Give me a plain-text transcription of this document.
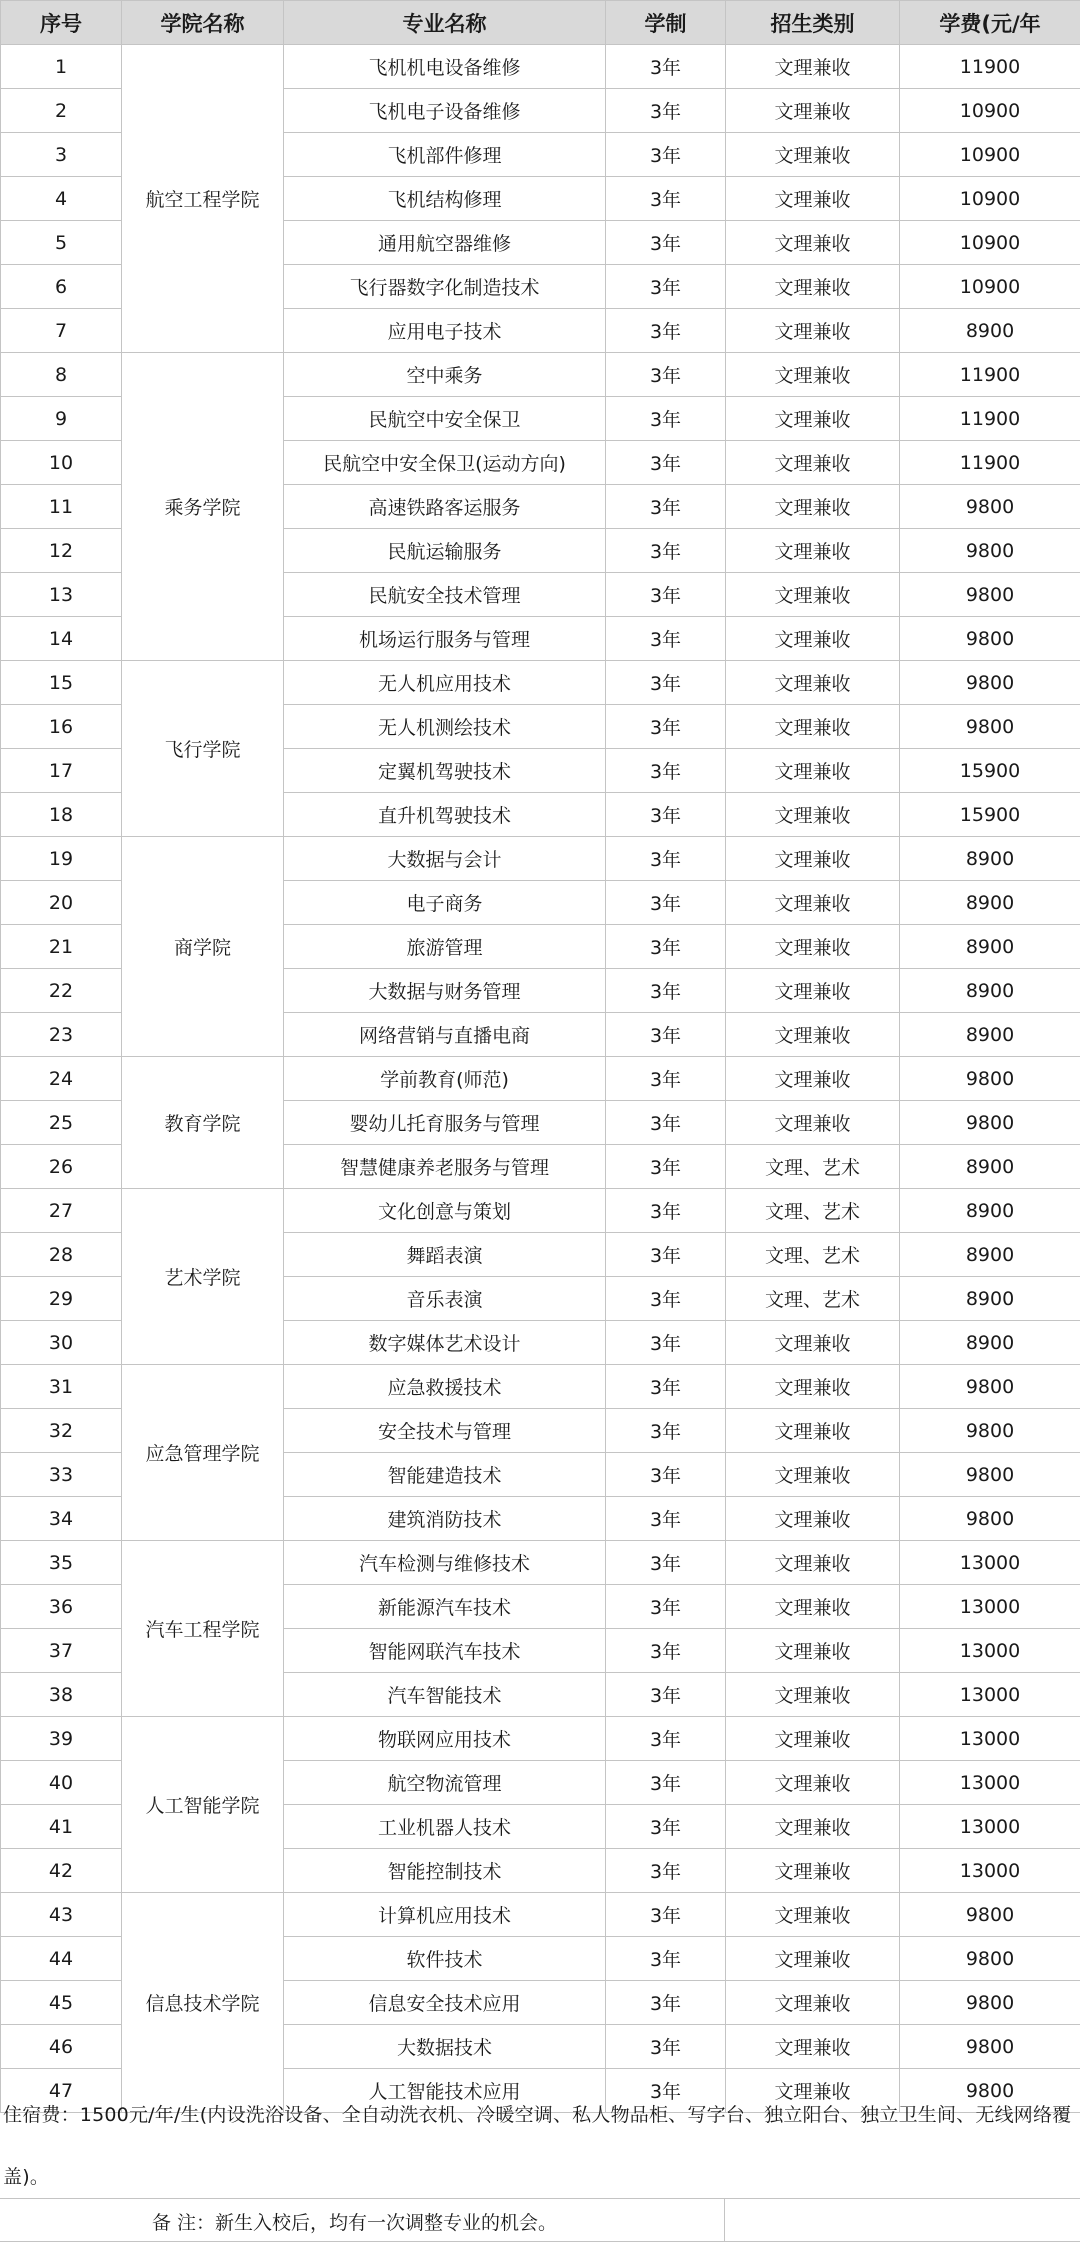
序号	学院名称	专业名称	学制	招生类别	学费(元/年
1	航空工程学院	飞机机电设备维修	3年	文理兼收	11900
2		飞机电子设备维修	3年	文理兼收	10900
3		飞机部件修理	3年	文理兼收	10900
4		飞机结构修理	3年	文理兼收	10900
5		通用航空器维修	3年	文理兼收	10900
6		飞行器数字化制造技术	3年	文理兼收	10900
7		应用电子技术	3年	文理兼收	8900
8	乘务学院	空中乘务	3年	文理兼收	11900
9		民航空中安全保卫	3年	文理兼收	11900
10		民航空中安全保卫(运动方向)	3年	文理兼收	11900
11		高速铁路客运服务	3年	文理兼收	9800
12		民航运输服务	3年	文理兼收	9800
13		民航安全技术管理	3年	文理兼收	9800
14		机场运行服务与管理	3年	文理兼收	9800
15	飞行学院	无人机应用技术	3年	文理兼收	9800
16		无人机测绘技术	3年	文理兼收	9800
17		定翼机驾驶技术	3年	文理兼收	15900
18		直升机驾驶技术	3年	文理兼收	15900
19	商学院	大数据与会计	3年	文理兼收	8900
20		电子商务	3年	文理兼收	8900
21		旅游管理	3年	文理兼收	8900
22		大数据与财务管理	3年	文理兼收	8900
23		网络营销与直播电商	3年	文理兼收	8900
24	教育学院	学前教育(师范)	3年	文理兼收	9800
25		婴幼儿托育服务与管理	3年	文理兼收	9800
26		智慧健康养老服务与管理	3年	文理、艺术	8900
27	艺术学院	文化创意与策划	3年	文理、艺术	8900
28		舞蹈表演	3年	文理、艺术	8900
29		音乐表演	3年	文理、艺术	8900
30		数字媒体艺术设计	3年	文理兼收	8900
31	应急管理学院	应急救援技术	3年	文理兼收	9800
32		安全技术与管理	3年	文理兼收	9800
33		智能建造技术	3年	文理兼收	9800
34		建筑消防技术	3年	文理兼收	9800
35	汽车工程学院	汽车检测与维修技术	3年	文理兼收	13000
36		新能源汽车技术	3年	文理兼收	13000
37		智能网联汽车技术	3年	文理兼收	13000
38		汽车智能技术	3年	文理兼收	13000
39	人工智能学院	物联网应用技术	3年	文理兼收	13000
40		航空物流管理	3年	文理兼收	13000
41		工业机器人技术	3年	文理兼收	13000
42		智能控制技术	3年	文理兼收	13000
43	信息技术学院	计算机应用技术	3年	文理兼收	9800
44		软件技术	3年	文理兼收	9800
45		信息安全技术应用	3年	文理兼收	9800
46		大数据技术	3年	文理兼收	9800
47		人工智能技术应用	3年	文理兼收	9800
住宿费：1500元/年/生(内设洗浴设备、全自动洗衣机、冷暖空调、私人物品柜、写字台、独立阳台、独立卫生间、无线网络覆盖)。
备 注：新生入校后，均有一次调整专业的机会。
